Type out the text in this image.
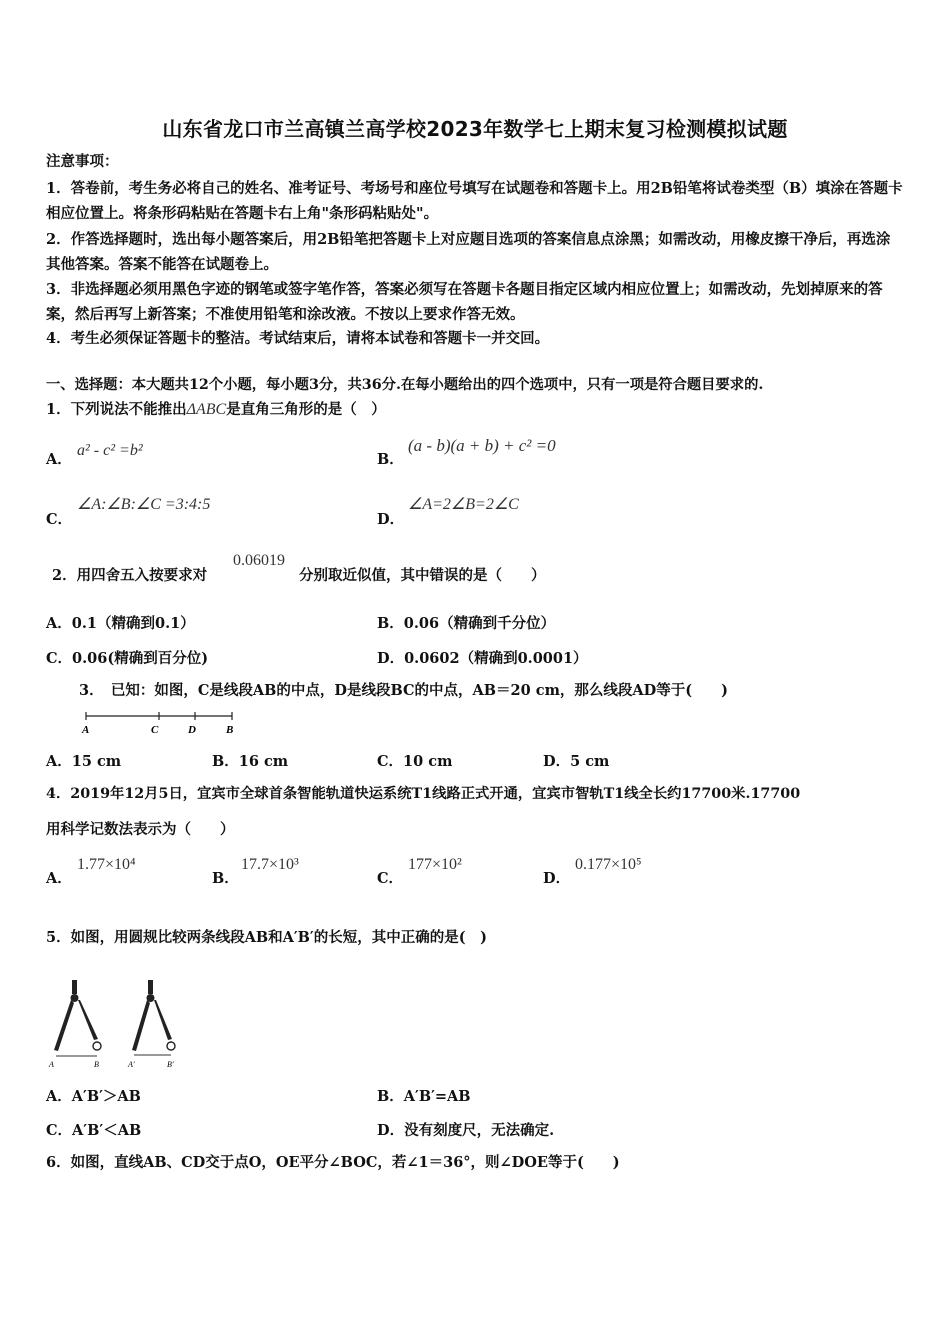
山东省龙口市兰高镇兰高学校2023年数学七上期末复习检测模拟试题
注意事项：
1．答卷前，考生务必将自己的姓名、准考证号、考场号和座位号填写在试题卷和答题卡上。用2B铅笔将试卷类型（B）填涂在答题卡相应位置上。将条形码粘贴在答题卡右上角"条形码粘贴处"。
2．作答选择题时，选出每小题答案后，用2B铅笔把答题卡上对应题目选项的答案信息点涂黑；如需改动，用橡皮擦干净后，再选涂其他答案。答案不能答在试题卷上。
3．非选择题必须用黑色字迹的钢笔或签字笔作答，答案必须写在答题卡各题目指定区域内相应位置上；如需改动，先划掉原来的答案，然后再写上新答案；不准使用铅笔和涂改液。不按以上要求作答无效。
4．考生必须保证答题卡的整洁。考试结束后，请将本试卷和答题卡一并交回。
一、选择题：本大题共12个小题，每小题3分，共36分.在每小题给出的四个选项中，只有一项是符合题目要求的.
1．下列说法不能推出ΔABC是直角三角形的是（　）
A．
a² - c² =b²
B．
(a - b)(a + b) + c² =0
C．
∠A:∠B:∠C =3:4:5
D．
∠A=2∠B=2∠C
0.06019
2．用四舍五入按要求对	分别取近似值，其中错误的是（　　）
A．0.1（精确到0.1）	B．0.06（精确到千分位）
C．0.06(精确到百分位)	D．0.0602（精确到0.0001）
3．　已知：如图，C是线段AB的中点，D是线段BC的中点，AB＝20 cm，那么线段AD等于(　　)
A	C	D	B
A．15 cm	B．16 cm	C．10 cm	D．5 cm
4．2019年12月5日，宜宾市全球首条智能轨道快运系统T1线路正式开通，宜宾市智轨T1线全长约17700米.17700
用科学记数法表示为（　　）
A．
1.77×10⁴
B．
17.7×10³
C．
177×10²
D．
0.177×10⁵
5．如图，用圆规比较两条线段AB和A′B′的长短，其中正确的是(　)
A	B	A′	B′
A．A′B′＞AB	B．A′B′=AB
C．A′B′＜AB	D．没有刻度尺，无法确定.
6．如图，直线AB、CD交于点O，OE平分∠BOC，若∠1＝36°，则∠DOE等于(　　)
